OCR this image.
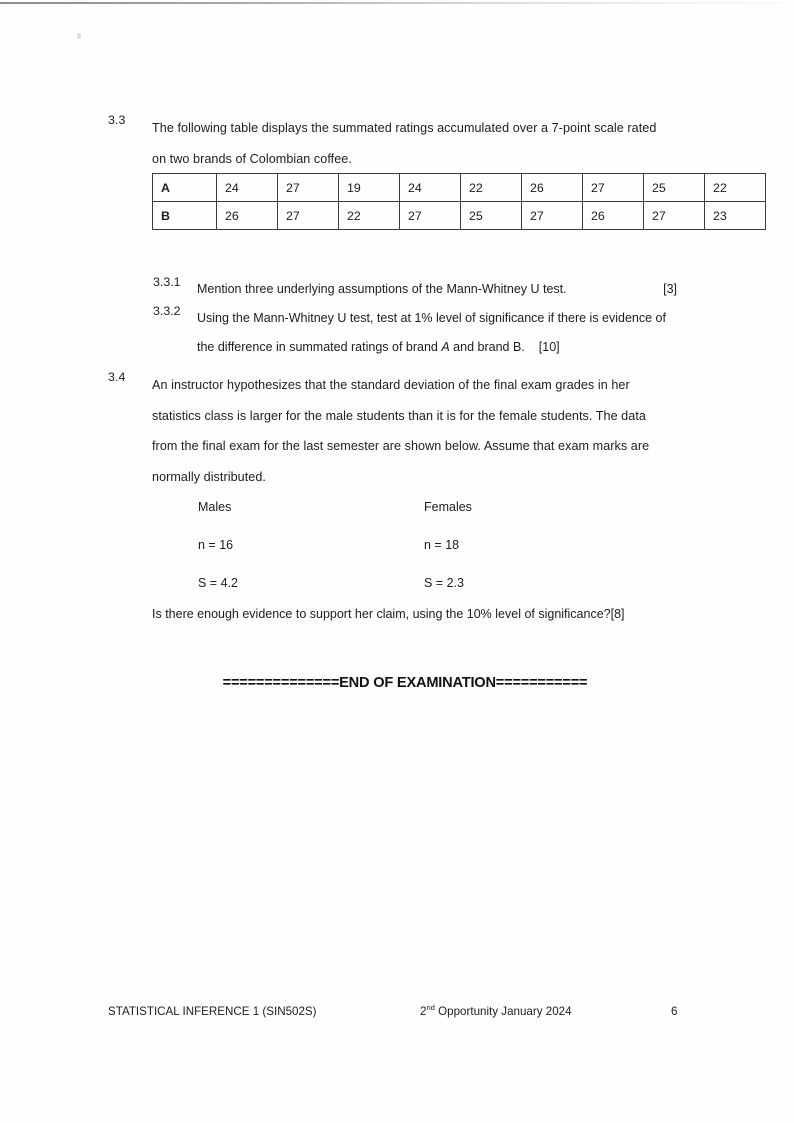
3.3
The following table displays the summated ratings accumulated over a 7-point scale rated on two brands of Colombian coffee.
A	24	27	19	24	22	26	27	25	22
B	26	27	22	27	25	27	26	27	23
3.3.1 Mention three underlying assumptions of the Mann-Whitney U test.	[3]
3.3.2 Using the Mann-Whitney U test, test at 1% level of significance if there is evidence of the difference in summated ratings of brand A and brand B. [10]
3.4
An instructor hypothesizes that the standard deviation of the final exam grades in her statistics class is larger for the male students than it is for the female students. The data from the final exam for the last semester are shown below. Assume that exam marks are normally distributed.
Males
n = 16
S = 4.2
Females
n = 18
S = 2.3
Is there enough evidence to support her claim, using the 10% level of significance?[8]
==============END OF EXAMINATION===========
STATISTICAL INFERENCE 1 (SIN502S)	2nd Opportunity January 2024	6
